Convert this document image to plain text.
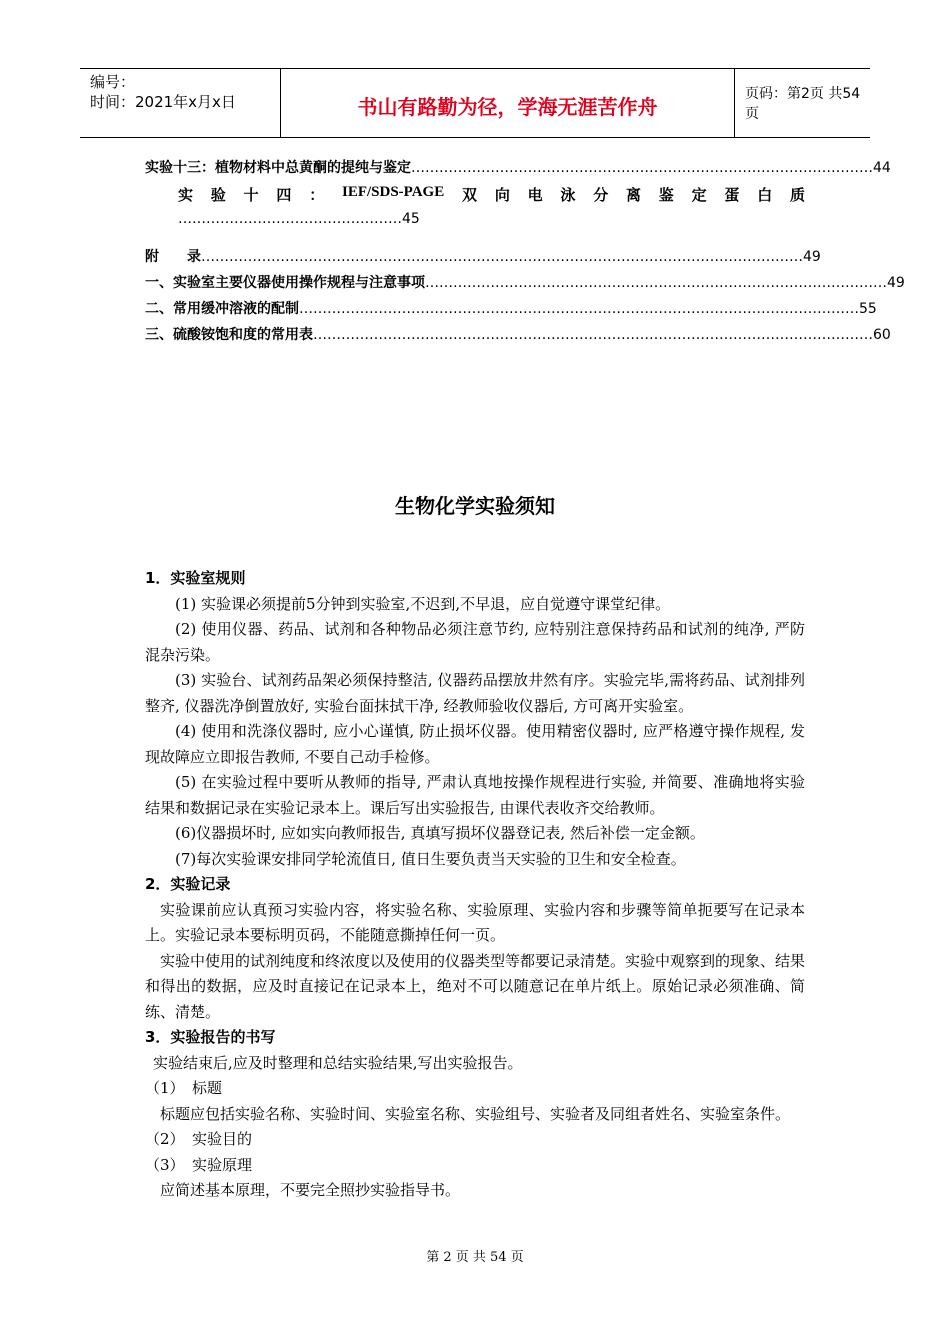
编号：
时间：2021年x月x日	书山有路勤为径，学海无涯苦作舟
页码：第2页 共54页
实验十三：植物材料中总黄酮的提纯与鉴定 ……………………………………………………………………………………… 44
实 验 十 四 ： IEF/SDS-PAGE 双 向 电 泳 分 离 鉴 定 蛋 白 质
………………………………………… 45
附　　录 ………………………………………………………………………………………………………………… 49
一、实验室主要仪器使用操作规程与注意事项 ……………………………………………………………………………………… 49
二、常用缓冲溶液的配制 ………………………………………………………………………………………………………… 55
三、硫酸铵饱和度的常用表 ………………………………………………………………………………………………………… 60
生物化学实验须知
1．实验室规则
(1) 实验课必须提前5分钟到实验室,不迟到,不早退，应自觉遵守课堂纪律。
(2) 使用仪器、药品、试剂和各种物品必须注意节约, 应特别注意保持药品和试剂的纯净, 严防混杂污染。
(3) 实验台、试剂药品架必须保持整洁, 仪器药品摆放井然有序。实验完毕,需将药品、试剂排列整齐, 仪器洗净倒置放好, 实验台面抹拭干净, 经教师验收仪器后, 方可离开实验室。
(4) 使用和洗涤仪器时, 应小心谨慎, 防止损坏仪器。使用精密仪器时, 应严格遵守操作规程, 发现故障应立即报告教师, 不要自己动手检修。
(5) 在实验过程中要听从教师的指导, 严肃认真地按操作规程进行实验, 并简要、准确地将实验结果和数据记录在实验记录本上。课后写出实验报告, 由课代表收齐交给教师。
(6)仪器损坏时, 应如实向教师报告, 真填写损坏仪器登记表, 然后补偿一定金额。
(7)每次实验课安排同学轮流值日, 值日生要负责当天实验的卫生和安全检查。
2．实验记录
实验课前应认真预习实验内容，将实验名称、实验原理、实验内容和步骤等简单扼要写在记录本上。实验记录本要标明页码，不能随意撕掉任何一页。
实验中使用的试剂纯度和终浓度以及使用的仪器类型等都要记录清楚。实验中观察到的现象、结果和得出的数据，应及时直接记在记录本上，绝对不可以随意记在单片纸上。原始记录必须准确、简练、清楚。
3．实验报告的书写
实验结束后,应及时整理和总结实验结果,写出实验报告。
（1）　标题
标题应包括实验名称、实验时间、实验室名称、实验组号、实验者及同组者姓名、实验室条件。
（2）　实验目的
（3）　实验原理
应简述基本原理，不要完全照抄实验指导书。
第 2 页 共 54 页
